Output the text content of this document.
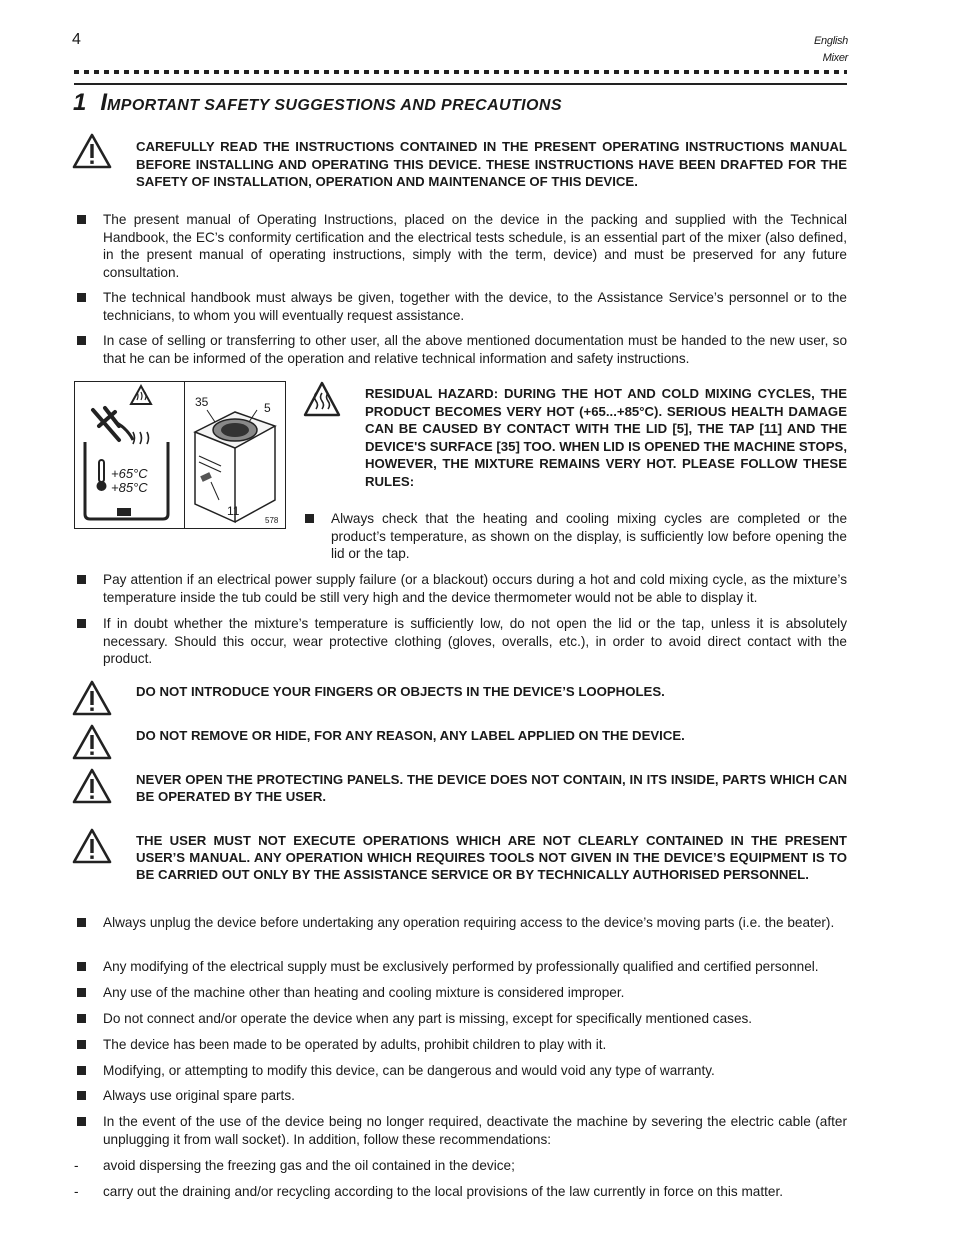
4	English
Mixer
1 IMPORTANT SAFETY SUGGESTIONS AND PRECAUTIONS
CAREFULLY READ THE INSTRUCTIONS CONTAINED IN THE PRESENT OPERATING INSTRUCTIONS MANUAL BEFORE INSTALLING AND OPERATING THIS DEVICE. THESE INSTRUCTIONS HAVE BEEN DRAFTED FOR THE SAFETY OF INSTALLATION, OPERATION AND MAINTENANCE OF THIS DEVICE.
The present manual of Operating Instructions, placed on the device in the packing and supplied with the Technical Handbook, the EC’s conformity certification and the electrical tests schedule, is an essential part of the mixer (also defined, in the present manual of operating instructions, simply with the term, device) and must be preserved for any future consultation.
The technical handbook must always be given, together with the device, to the Assistance Service’s personnel or to the technicians, to whom you will eventually request assistance.
In case of selling or transferring to other user, all the above mentioned documentation must be handed to the new user, so that he can be informed of the operation and relative technical information and safety instructions.
+65°C
+85°C
35	5
11
578
RESIDUAL HAZARD: DURING THE HOT AND COLD MIXING CYCLES, THE PRODUCT BECOMES VERY HOT (+65...+85°C). SERIOUS HEALTH DAMAGE CAN BE CAUSED BY CONTACT WITH THE LID [5], THE TAP [11] AND THE DEVICE'S SURFACE [35] TOO. WHEN LID IS OPENED THE MACHINE STOPS, HOWEVER, THE MIXTURE REMAINS VERY HOT. PLEASE FOLLOW THESE RULES:
Always check that the heating and cooling mixing cycles are completed or the product’s temperature, as shown on the display, is sufficiently low before opening the lid or the tap.
Pay attention if an electrical power supply failure (or a blackout) occurs during a hot and cold mixing cycle, as the mixture’s temperature inside the tub could be still very high and the device thermometer would not be able to display it.
If in doubt whether the mixture’s temperature is sufficiently low, do not open the lid or the tap, unless it is absolutely necessary. Should this occur, wear protective clothing (gloves, overalls, etc.), in order to avoid direct contact with the product.
DO NOT INTRODUCE YOUR FINGERS OR OBJECTS IN THE DEVICE’S LOOPHOLES.
DO NOT REMOVE OR HIDE, FOR ANY REASON, ANY LABEL APPLIED ON THE DEVICE.
NEVER OPEN THE PROTECTING PANELS. THE DEVICE DOES NOT CONTAIN, IN ITS INSIDE, PARTS WHICH CAN BE OPERATED BY THE USER.
THE USER MUST NOT EXECUTE OPERATIONS WHICH ARE NOT CLEARLY CONTAINED IN THE PRESENT USER’S MANUAL. ANY OPERATION WHICH REQUIRES TOOLS NOT GIVEN IN THE DEVICE’S EQUIPMENT IS TO BE CARRIED OUT ONLY BY THE ASSISTANCE SERVICE OR BY TECHNICALLY AUTHORISED PERSONNEL.
Always unplug the device before undertaking any operation requiring access to the device’s moving parts (i.e. the beater).
Any modifying of the electrical supply must be exclusively performed by professionally qualified and certified personnel.
Any use of the machine other than heating and cooling mixture is considered improper.
Do not connect and/or operate the device when any part is missing, except for specifically mentioned cases.
The device has been made to be operated by adults, prohibit children to play with it.
Modifying, or attempting to modify this device, can be dangerous and would void any type of warranty.
Always use original spare parts.
In the event of the use of the device being no longer required, deactivate the machine by severing the electric cable (after unplugging it from wall socket). In addition, follow these recommendations:
- avoid dispersing the freezing gas and the oil contained in the device;
- carry out the draining and/or recycling according to the local provisions of the law currently in force on this matter.
